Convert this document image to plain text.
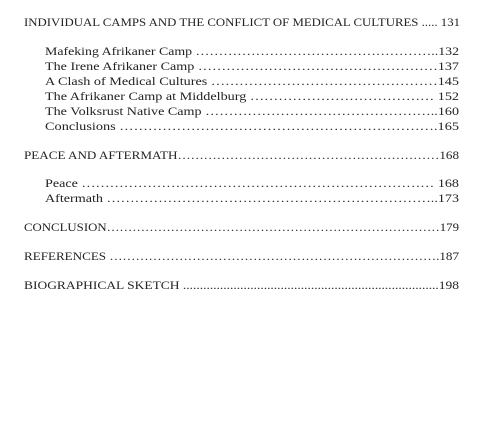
INDIVIDUAL CAMPS AND THE CONFLICT OF MEDICAL CULTURES ..... 131
Mafeking Afrikaner Camp ……………………………………………..132
The Irene Afrikaner Camp ……………………………………………137
A Clash of Medical Cultures …………………………………………145
The Afrikaner Camp at Middelburg ………………………………… 152
The Volksrust Native Camp …………………………………………..160
Conclusions ………………………………………………………….165
PEACE AND AFTERMATH……………………………………………………168
Peace ………………………………………………………………… 168
Aftermath ……………………………………………………………..173
CONCLUSION……………………………………………………………………179
REFERENCES ………………………………………………………………….187
BIOGRAPHICAL SKETCH ............................................................................198
